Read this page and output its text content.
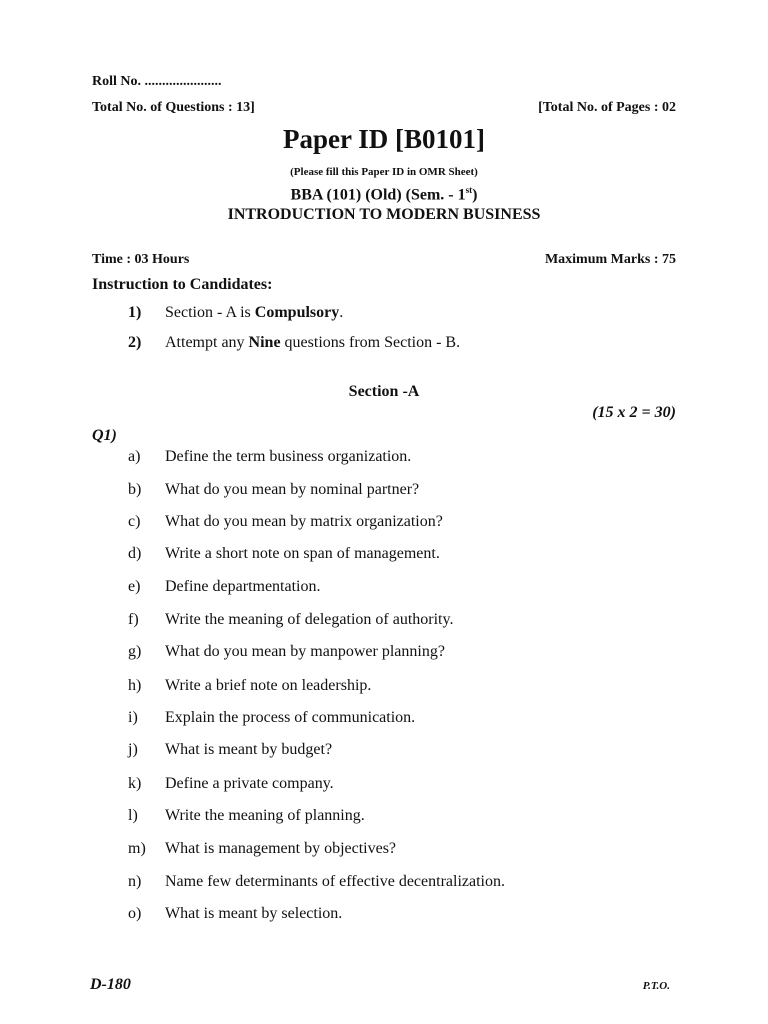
Roll No. ......................
Total No. of Questions : 13]	[Total No. of Pages : 02
Paper ID [B0101]
(Please fill this Paper ID in OMR Sheet)
BBA (101) (Old) (Sem. - 1st)
INTRODUCTION TO MODERN BUSINESS
Time : 03 Hours	Maximum Marks : 75
Instruction to Candidates:
1) Section - A is Compulsory.
2) Attempt any Nine questions from Section - B.
Section -A
(15 x 2 = 30)
Q1)
a) Define the term business organization.
b) What do you mean by nominal partner?
c) What do you mean by matrix organization?
d) Write a short note on span of management.
e) Define departmentation.
f) Write the meaning of delegation of authority.
g) What do you mean by manpower planning?
h) Write a brief note on leadership.
i) Explain the process of communication.
j) What is meant by budget?
k) Define a private company.
l) Write the meaning of planning.
m) What is management by objectives?
n) Name few determinants of effective decentralization.
o) What is meant by selection.
D-180	P.T.O.
